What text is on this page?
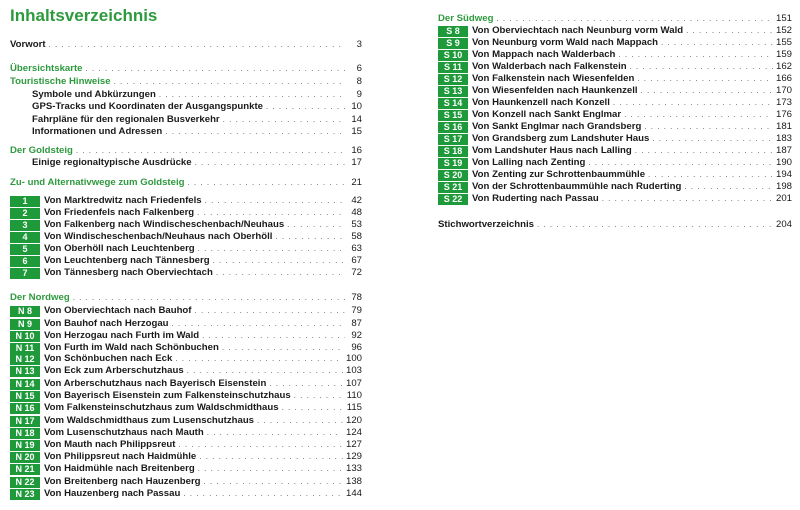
Inhaltsverzeichnis
Vorwort . . .	3
Übersichtskarte . . .	6
Touristische Hinweise . . .	8
Symbole und Abkürzungen . . .	9
GPS-Tracks und Koordinaten der Ausgangspunkte . . .	10
Fahrpläne für den regionalen Busverkehr . . .	14
Informationen und Adressen . . .	15
Der Goldsteig . . .	16
Einige regionaltypische Ausdrücke . . .	17
Zu- und Alternativwege zum Goldsteig . . .	21
1	Von Marktredwitz nach Friedenfels . . .	42
2	Von Friedenfels nach Falkenberg . . .	48
3	Von Falkenberg nach Windischeschenbach/Neuhaus . . .	53
4	Von Windischeschenbach/Neuhaus nach Oberhöll . . .	58
5	Von Oberhöll nach Leuchtenberg . . .	63
6	Von Leuchtenberg nach Tännesberg . . .	67
7	Von Tännesberg nach Oberviechtach . . .	72
Der Nordweg . . .	78
N 8	Von Oberviechtach nach Bauhof . . .	79
N 9	Von Bauhof nach Herzogau . . .	87
N 10 Von Herzogau nach Furth im Wald . . .	92
N 11	Von Furth im Wald nach Schönbuchen . . .	96
N 12 Von Schönbuchen nach Eck . . .	100
N 13 Von Eck zum Arberschutzhaus . . .	103
N 14 Von Arberschutzhaus nach Bayerisch Eisenstein . . .	107
N 15 Von Bayerisch Eisenstein zum Falkensteinschutzhaus . . .	110
N 16 Vom Falkensteinschutzhaus zum Waldschmidthaus . . .	115
N 17 Vom Waldschmidthaus zum Lusenschutzhaus . . .	120
N 18 Vom Lusenschutzhaus nach Mauth . . .	124
N 19 Von Mauth nach Philippsreut . . .	127
N 20 Von Philippsreut nach Haidmühle . . .	129
N 21 Von Haidmühle nach Breitenberg . . .	133
N 22 Von Breitenberg nach Hauzenberg . . .	138
N 23 Von Hauzenberg nach Passau . . .	144
Der Südweg . . .	151
S 8	Von Oberviechtach nach Neunburg vorm Wald . . .	152
S 9	Von Neunburg vorm Wald nach Mappach . . .	155
S 10	Von Mappach nach Walderbach . . .	159
S 11	Von Walderbach nach Falkenstein . . .	162
S 12	Von Falkenstein nach Wiesenfelden . . .	166
S 13	Von Wiesenfelden nach Haunkenzell . . .	170
S 14	Von Haunkenzell nach Konzell . . .	173
S 15	Von Konzell nach Sankt Englmar . . .	176
S 16	Von Sankt Englmar nach Grandsberg . . .	181
S 17	Von Grandsberg zum Landshuter Haus . . .	183
S 18	Vom Landshuter Haus nach Lalling . . .	187
S 19	Von Lalling nach Zenting . . .	190
S 20	Von Zenting zur Schrottenbaummühle . . .	194
S 21	Von der Schrottenbaummühle nach Ruderting . . .	198
S 22	Von Ruderting nach Passau . . .	201
Stichwortverzeichnis . . .	204
